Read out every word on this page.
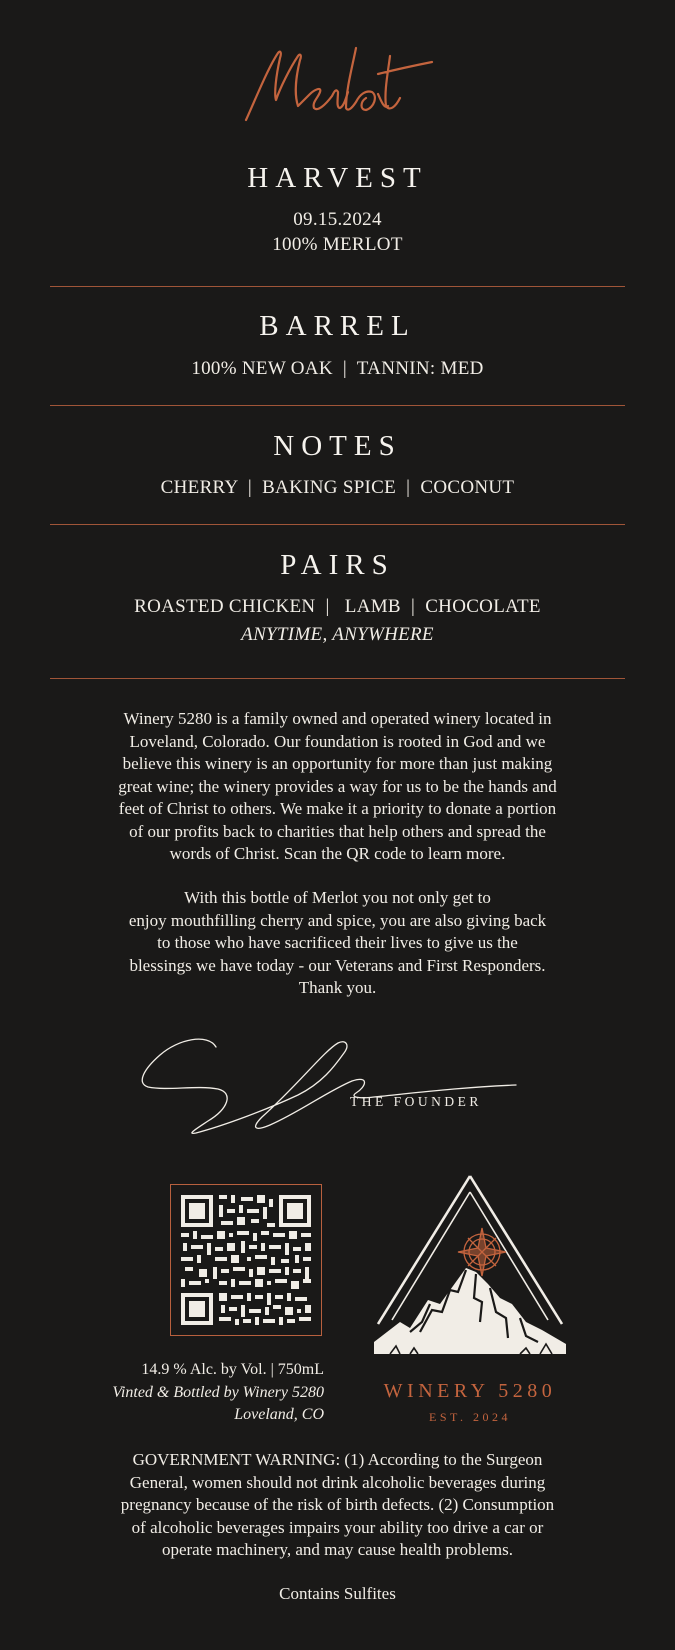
HARVEST
09.15.2024
100% MERLOT
BARREL
100% NEW OAK  |  TANNIN: MED
NOTES
CHERRY  |  BAKING SPICE  |  COCONUT
PAIRS
ROASTED CHICKEN  |   LAMB  |  CHOCOLATE
ANYTIME, ANYWHERE
Winery 5280 is a family owned and operated winery located in
Loveland, Colorado. Our foundation is rooted in God and we
believe this winery is an opportunity for more than just making
great wine; the winery provides a way for us to be the hands and
feet of Christ to others. We make it a priority to donate a portion
of our profits back to charities that help others and spread the
words of Christ. Scan the QR code to learn more.
With this bottle of Merlot you not only get to
enjoy mouthfilling cherry and spice, you are also giving back
to those who have sacrificed their lives to give us the
blessings we have today - our Veterans and First Responders.
Thank you.
THE FOUNDER
14.9 % Alc. by Vol. | 750mL
Vinted & Bottled by Winery 5280
Loveland, CO
WINERY 5280
EST. 2024
GOVERNMENT WARNING: (1) According to the Surgeon
General, women should not drink alcoholic beverages during
pregnancy because of the risk of birth defects. (2) Consumption
of alcoholic beverages impairs your ability too drive a car or
operate machinery, and may cause health problems.
Contains Sulfites
